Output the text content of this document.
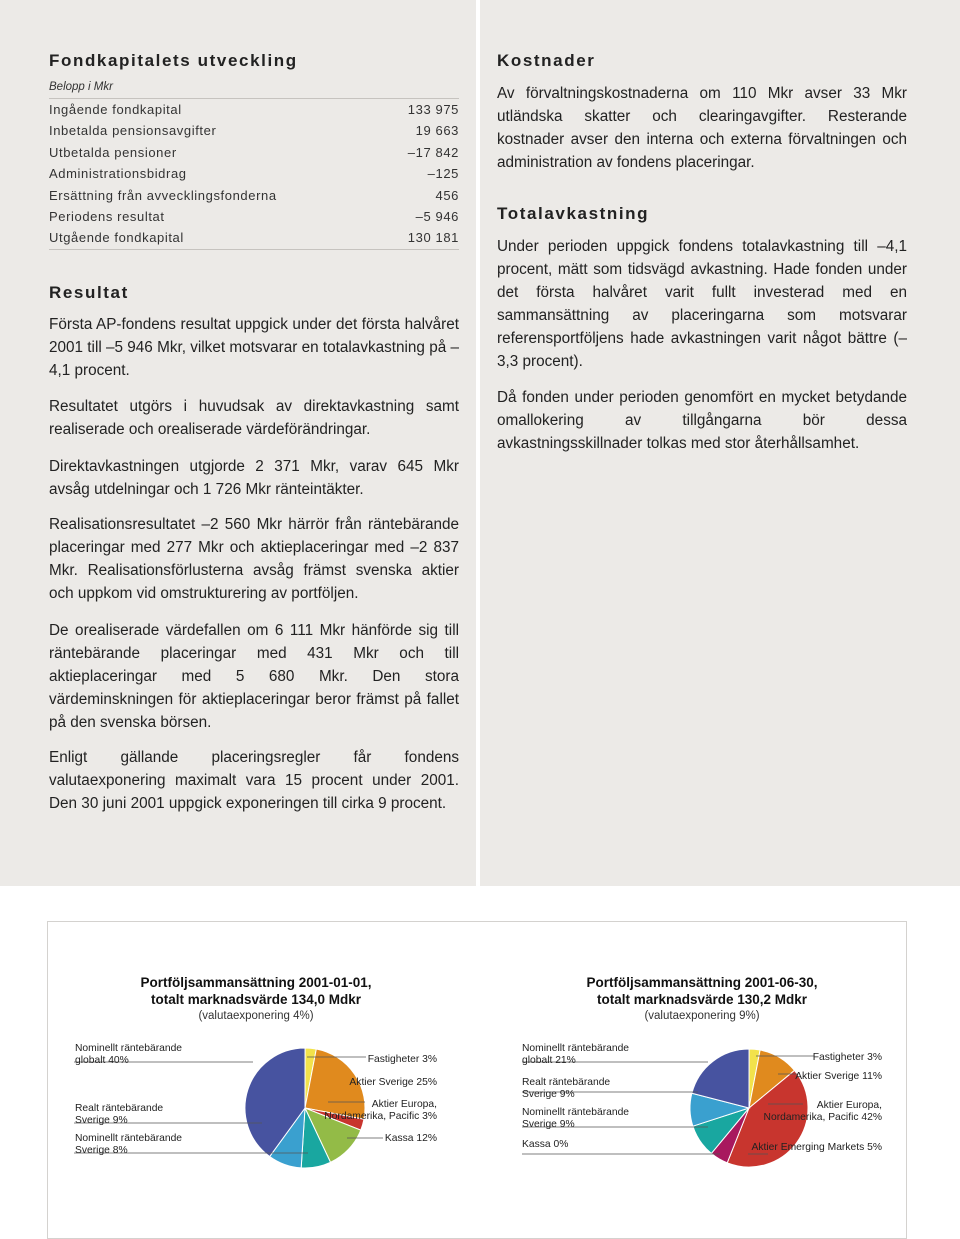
Fondkapitalets utveckling
Belopp i Mkr
Ingående fondkapital	133 975
Inbetalda pensionsavgifter	19 663
Utbetalda pensioner	–17 842
Administrationsbidrag	–125
Ersättning från avvecklingsfonderna	456
Periodens resultat	–5 946
Utgående fondkapital	130 181
Resultat

Första AP-fondens resultat uppgick under det första halvåret 2001 till –5 946 Mkr, vilket motsvarar en totalavkastning på –4,1 procent.

Resultatet utgörs i huvudsak av direktavkastning samt realiserade och orealiserade värdeförändringar.

Direktavkastningen utgjorde 2 371 Mkr, varav 645 Mkr avsåg utdelningar och 1 726 Mkr ränteintäkter.

Realisationsresultatet –2 560 Mkr härrör från räntebärande placeringar med 277 Mkr och aktieplaceringar med –2 837 Mkr. Realisationsförlusterna avsåg främst svenska aktier och uppkom vid omstrukturering av portföljen.

De orealiserade värdefallen om 6 111 Mkr hänförde sig till räntebärande placeringar med 431 Mkr och till aktieplaceringar med 5 680 Mkr. Den stora värdeminskningen för aktieplaceringar beror främst på fallet på den svenska börsen.

Enligt gällande placeringsregler får fondens valutaexponering maximalt vara 15 procent under 2001. Den 30 juni 2001 uppgick exponeringen till cirka 9 procent.

Kostnader

Av förvaltningskostnaderna om 110 Mkr avser 33 Mkr utländska skatter och clearingavgifter. Resterande kostnader avser den interna och externa förvaltningen och administration av fondens placeringar.

Totalavkastning

Under perioden uppgick fondens totalavkastning till –4,1 procent, mätt som tidsvägd avkastning. Hade fonden under det första halvåret varit fullt investerad med en sammansättning av placeringarna som motsvarar referensportföljens hade avkastningen varit något bättre (–3,3 procent).

Då fonden under perioden genomfört en mycket betydande omallokering av tillgångarna bör dessa avkastningsskillnader tolkas med stor återhållsamhet.

Portföljsammansättning 2001-01-01,
totalt marknadsvärde 134,0 Mdkr
(valutaexponering 4%)
Portföljsammansättning 2001-06-30,
totalt marknadsvärde 130,2 Mdkr
(valutaexponering 9%)
Nominellt räntebärande
globalt 40%
Realt räntebärande
Sverige 9%
Nominellt räntebärande
Sverige 8%
Fastigheter 3%
Aktier Sverige 25%
Aktier Europa,
Nordamerika, Pacific 3%
Kassa 12%
Nominellt räntebärande
globalt 21%
Realt räntebärande
Sverige 9%
Nominellt räntebärande
Sverige 9%
Kassa 0%
Fastigheter 3%
Aktier Sverige 11%
Aktier Europa,
Nordamerika, Pacific 42%
Aktier Emerging Markets 5%
